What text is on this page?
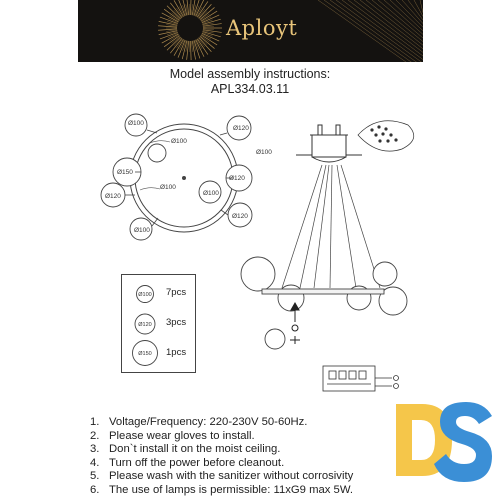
Aployt
Model assembly instructions:
APL334.03.11
Ø100
Ø100
Ø100
Ø120
Ø100
Ø150
Ø120
Ø120	Ø100
Ø100
Ø120
Ø100 7pcs
Ø120 3pcs
Ø150 1pcs
1. Voltage/Frequency: 220-230V 50-60Hz.
2. Please wear gloves to install.
3. Don`t install it on the moist ceiling.
4. Turn off the power before cleanout.
5. Please wash with the sanitizer without corrosivity
6. The use of lamps is permissible: 11xG9 max 5W.
